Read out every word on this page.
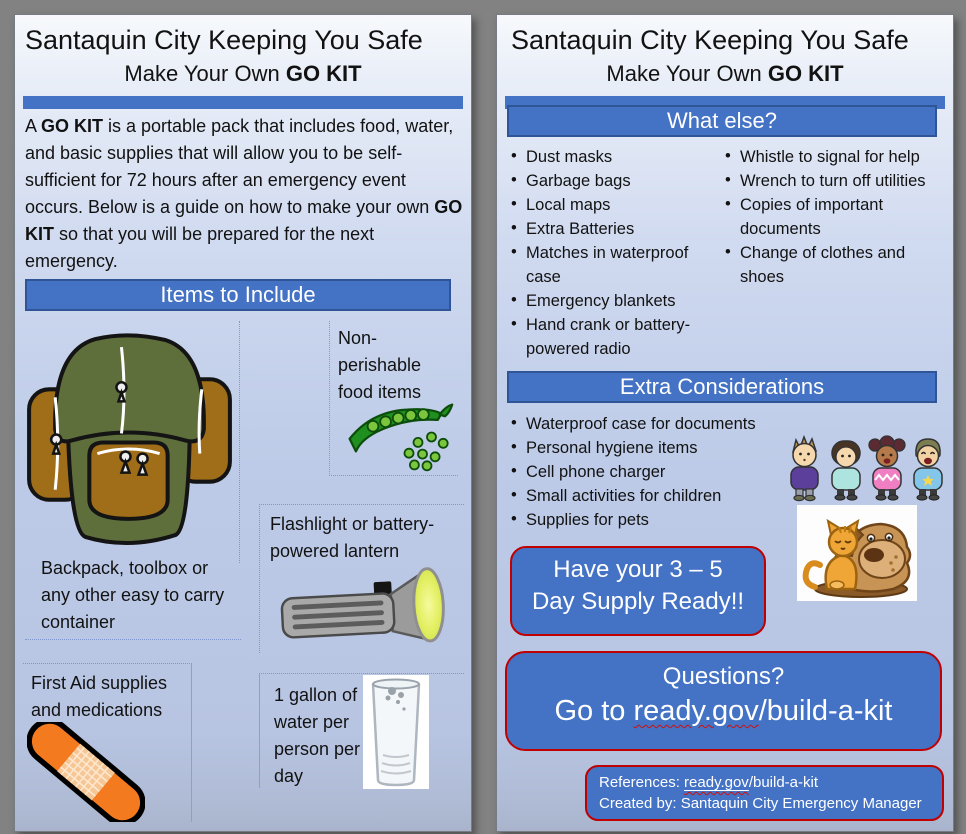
Santaquin City Keeping You Safe
Make Your Own GO KIT
A GO KIT is a portable pack that includes food, water, and basic supplies that will allow you to be self-sufficient for 72 hours after an emergency event occurs. Below is a guide on how to make your own GO KIT so that you will be prepared for the next emergency.
Items to Include
Non-perishable food items
Backpack, toolbox or any other easy to carry container
Flashlight or battery-powered lantern
First Aid supplies and medications
1 gallon of water per person per day
Santaquin City Keeping You Safe
Make Your Own GO KIT
What else?
• Dust masks
• Garbage bags
• Local maps
• Extra Batteries
• Matches in waterproof case
• Emergency blankets
• Hand crank or battery-powered radio
• Whistle to signal for help
• Wrench to turn off utilities
• Copies of important documents
• Change of clothes and shoes
Extra Considerations
• Waterproof case for documents
• Personal hygiene items
• Cell phone charger
• Small activities for children
• Supplies for pets
Have your 3 – 5
Day Supply Ready!!
Questions?
Go to ready.gov/build-a-kit
References: ready.gov/build-a-kit
Created by: Santaquin City Emergency Manager
